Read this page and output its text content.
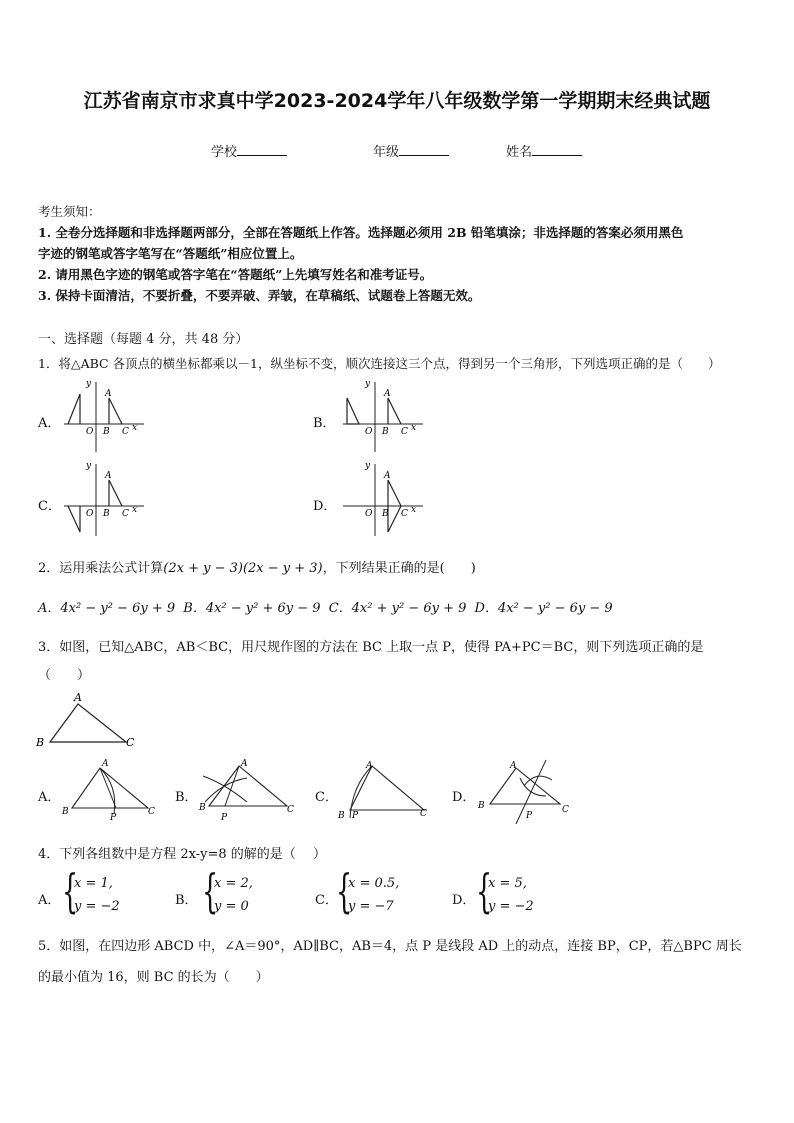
江苏省南京市求真中学2023-2024学年八年级数学第一学期期末经典试题
学校	年级	姓名
考生须知：
1. 全卷分选择题和非选择题两部分，全部在答题纸上作答。选择题必须用 2B 铅笔填涂；非选择题的答案必须用黑色
字迹的钢笔或答字笔写在“答题纸”相应位置上。
2. 请用黑色字迹的钢笔或答字笔在“答题纸”上先填写姓名和准考证号。
3. 保持卡面清洁，不要折叠，不要弄破、弄皱，在草稿纸、试题卷上答题无效。
一、选择题（每题 4 分，共 48 分）
1．将△ABC 各顶点的横坐标都乘以－1，纵坐标不变，顺次连接这三个点，得到另一个三角形，下列选项正确的是（　　）
A．
y
A
O B C x	B．
y
A
O B C x
C．
y
A
O B C x	D．
y
A
O B C x
2．运用乘法公式计算(2x + y − 3)(2x − y + 3)，下列结果正确的是(　　)
A．4x² − y² − 6y + 9 B．4x² − y² + 6y − 9 C．4x² + y² − 6y + 9 D．4x² − y² − 6y − 9
3．如图，已知△ABC，AB＜BC，用尺规作图的方法在 BC 上取一点 P，使得 PA+PC＝BC，则下列选项正确的是
（　　）
A
B	C
A．
A
B	C
P
B．
A
B	C
P
C．
A
B	C
P
D．
A
B	C
P
4．下列各组数中是方程 2x-y=8 的解的是（　 ）
A． {
x = 1,
y = −2	B． {
x = 2,
y = 0	C．
{
x = 0.5,
y = −7	D． {
x = 5,
y = −2
5．如图，在四边形 ABCD 中，∠A＝90°，AD∥BC，AB＝4，点 P 是线段 AD 上的动点，连接 BP，CP，若△BPC 周长
的最小值为 16，则 BC 的长为（　　）
